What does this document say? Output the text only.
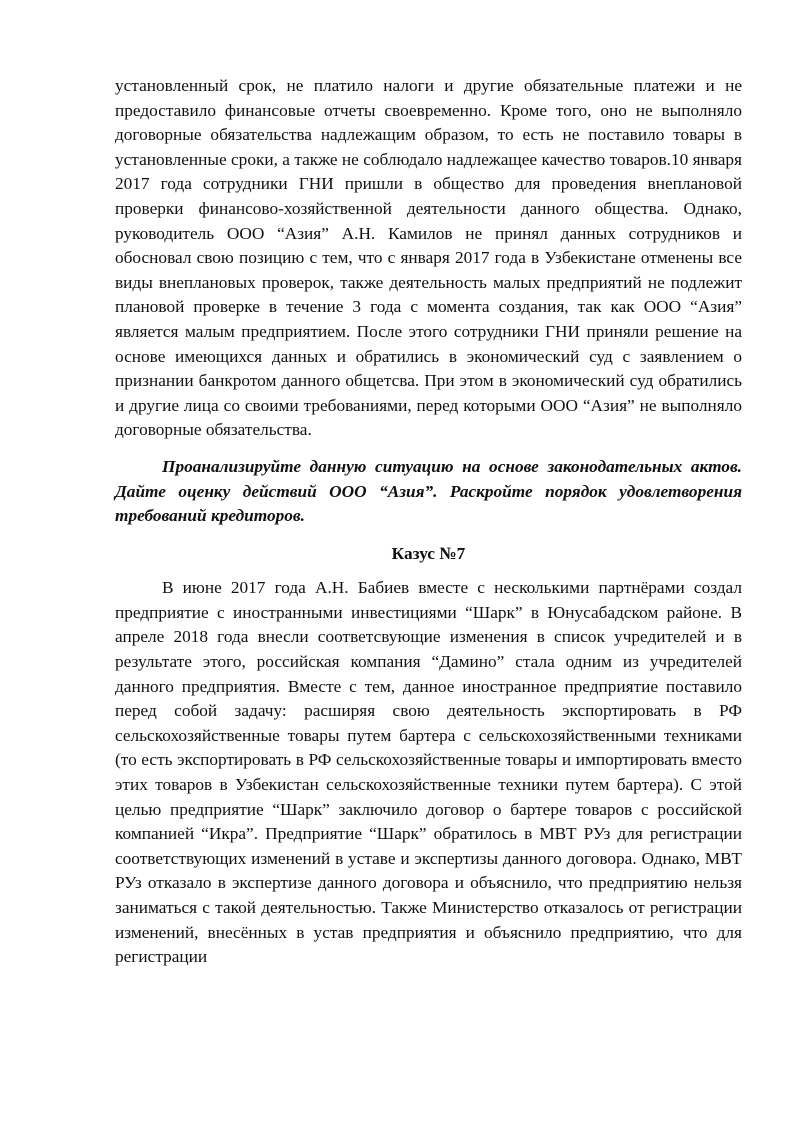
установленный срок, не платило налоги и другие обязательные платежи и не предоставило финансовые отчеты своевременно. Кроме того, оно не выполняло договорные обязательства надлежащим образом, то есть не поставило товары в установленные сроки, а также не соблюдало надлежащее качество товаров.10 января 2017 года сотрудники ГНИ пришли в общество для проведения внеплановой проверки финансово-хозяйственной деятельности данного общества. Однако, руководитель ООО “Азия” А.Н. Камилов не принял данных сотрудников и обосновал свою позицию с тем, что с января 2017 года в Узбекистане отменены все виды внеплановых проверок, также деятельность малых предприятий не подлежит плановой проверке в течение 3 года с момента создания, так как ООО “Азия” является малым предприятием. После этого сотрудники ГНИ приняли решение на основе имеющихся данных и обратились в экономический суд с заявлением о признании банкротом данного общетсва. При этом в экономический суд обратились и другие лица со своими требованиями, перед которыми ООО “Азия” не выполняло договорные обязательства.

Проанализируйте данную ситуацию на основе законодательных актов. Дайте оценку действий ООО “Азия”. Раскройте порядок удовлетворения требований кредиторов.

Казус №7

В июне 2017 года А.Н. Бабиев вместе с несколькими партнёрами создал предприятие с иностранными инвестициями “Шарк” в Юнусабадском районе. В апреле 2018 года внесли соответсвующие изменения в список учредителей и в результате этого, российская компания “Дамино” стала одним из учредителей данного предприятия. Вместе с тем, данное иностранное предприятие поставило перед собой задачу: расширяя свою деятельность экспортировать в РФ сельскохозяйственные товары путем бартера с сельскохозяйственными техниками (то есть экспортировать в РФ сельскохозяйственные товары и импортировать вместо этих товаров в Узбекистан сельскохозяйственные техники путем бартера). С этой целью предприятие “Шарк” заключило договор о бартере товаров с российской компанией “Икра”. Предприятие “Шарк” обратилось в МВТ РУз для регистрации соответствующих изменений в уставе и экспертизы данного договора. Однако, МВТ РУз отказало в экспертизе данного договора и объяснило, что предприятию нельзя заниматься с такой деятельностью. Также Министерство отказалось от регистрации изменений, внесённых в устав предприятия и объяснило предприятию, что для регистрации
